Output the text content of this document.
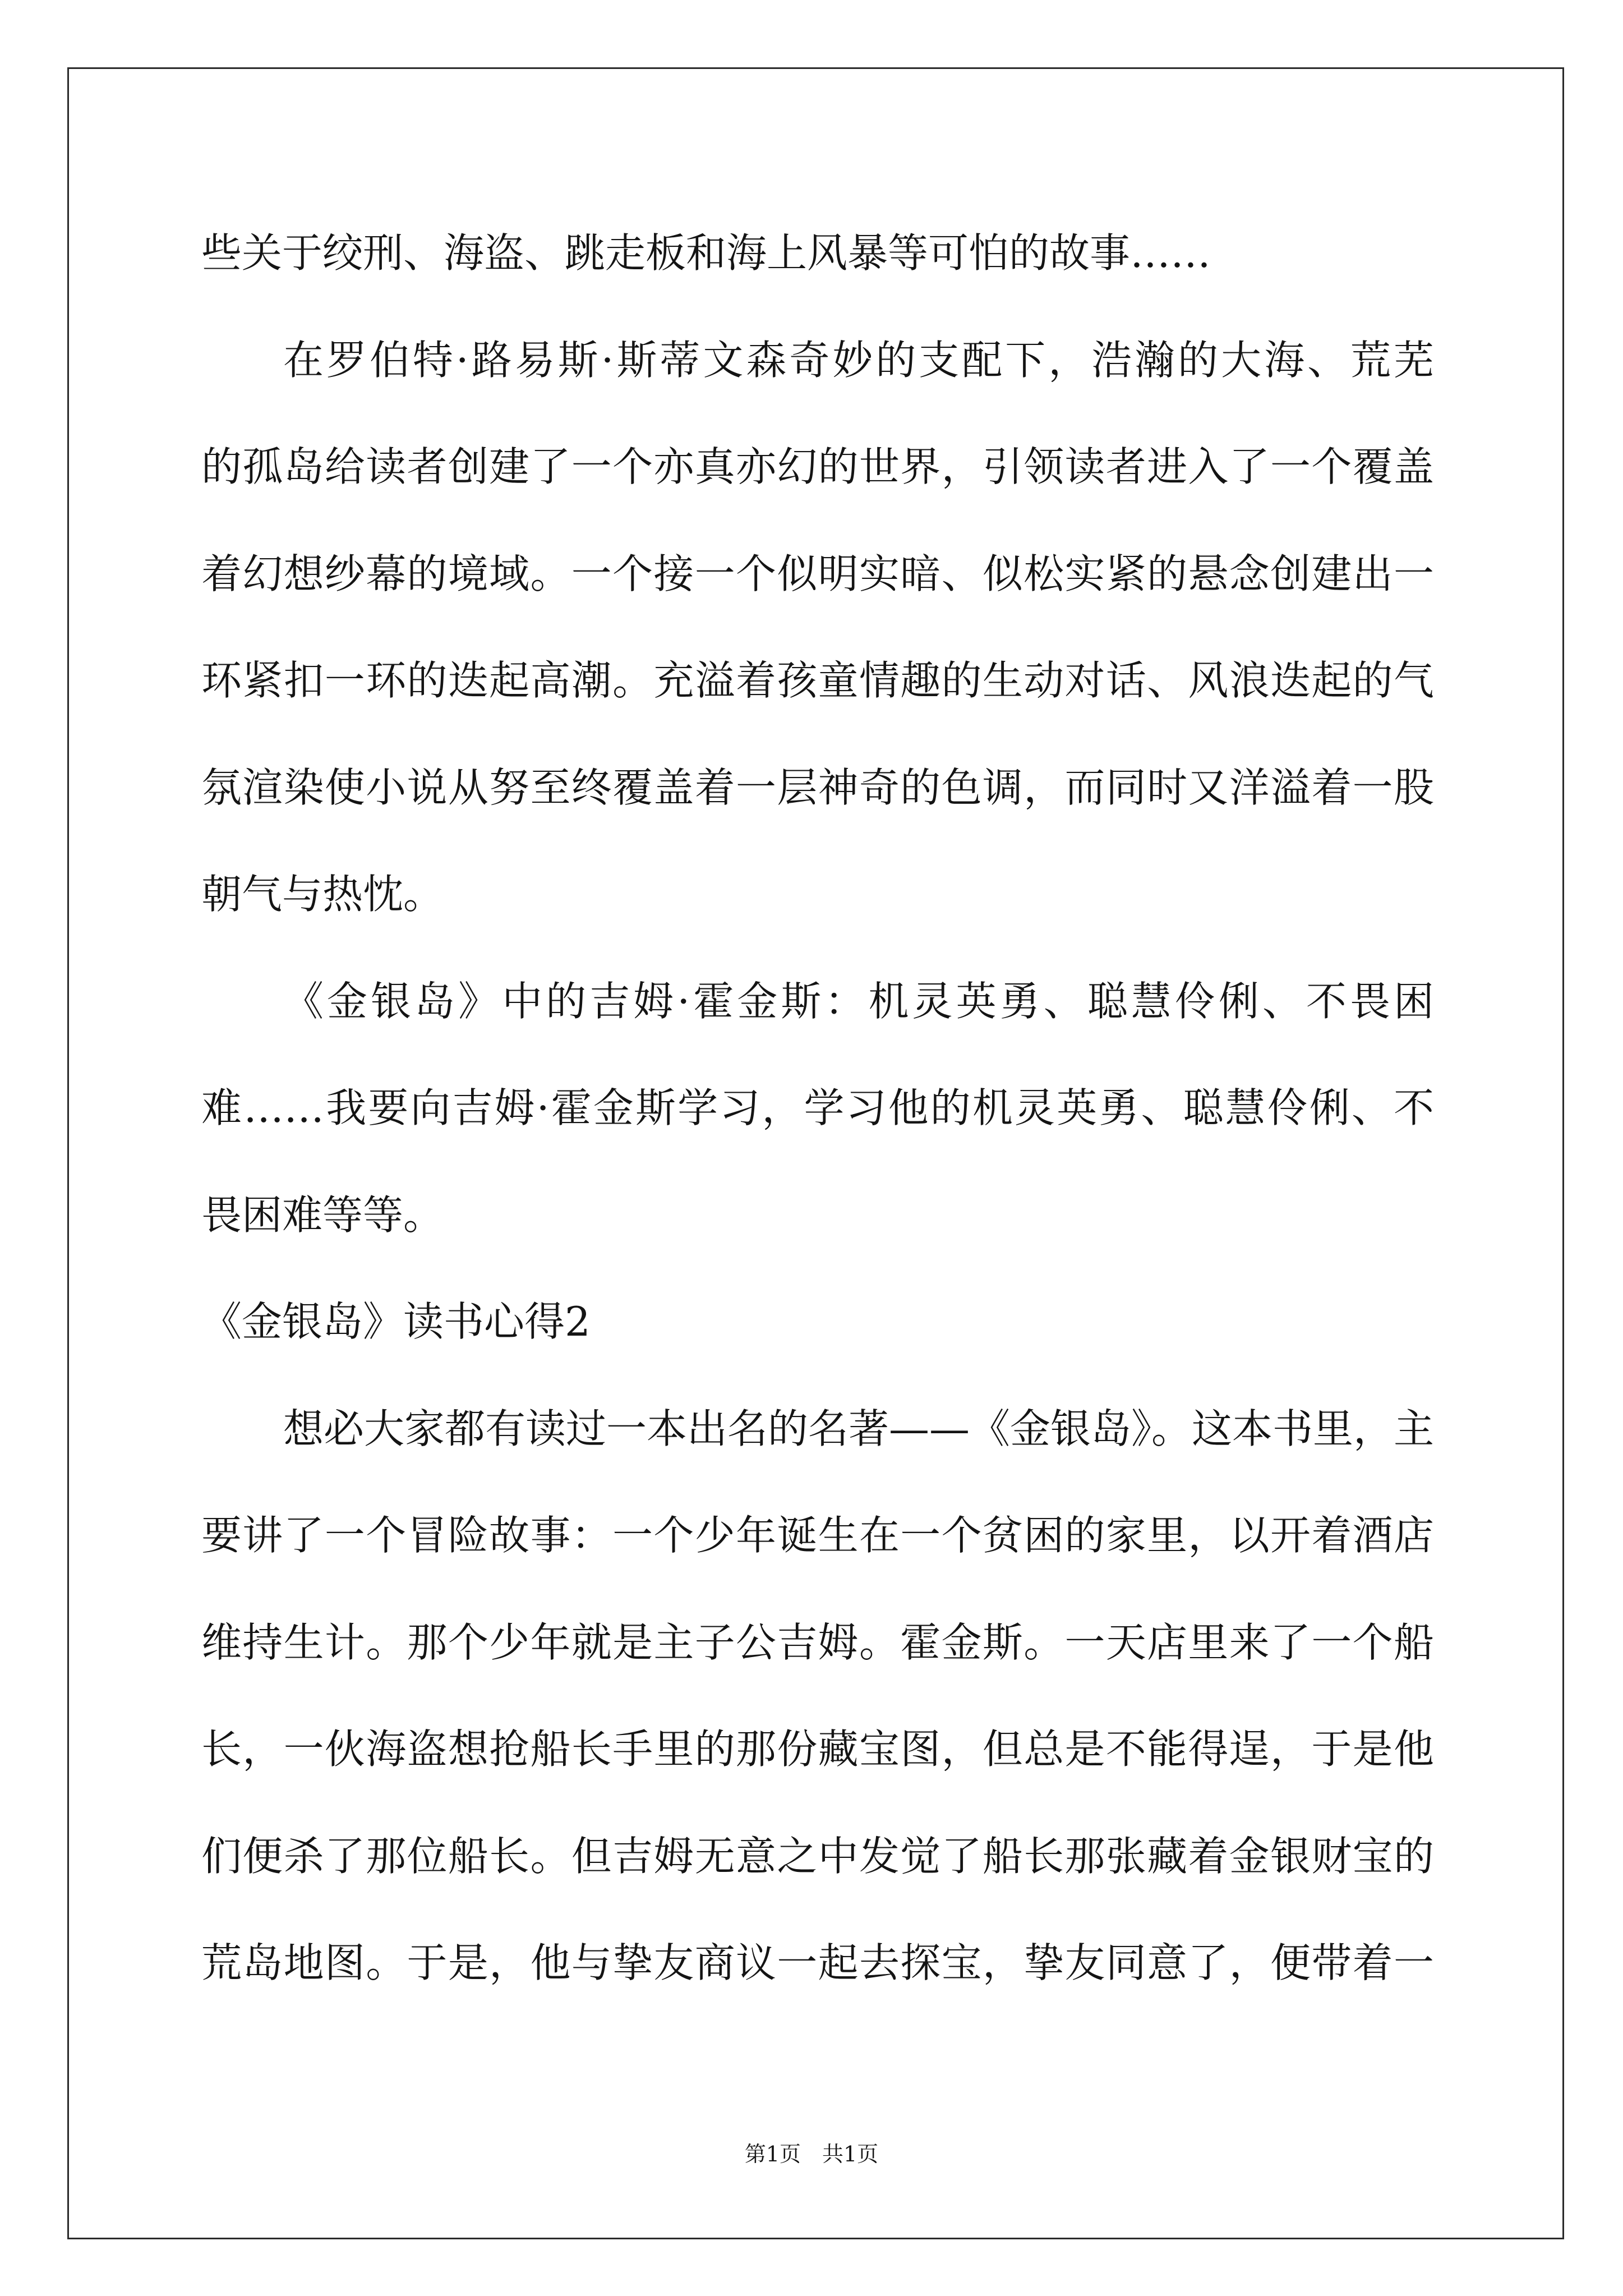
些关于绞刑、海盗、跳走板和海上风暴等可怕的故事……
在罗伯特·路易斯·斯蒂文森奇妙的支配下，浩瀚的大海、荒芜
的孤岛给读者创建了一个亦真亦幻的世界，引领读者进入了一个覆盖
着幻想纱幕的境域。一个接一个似明实暗、似松实紧的悬念创建出一
环紧扣一环的迭起高潮。充溢着孩童情趣的生动对话、风浪迭起的气
氛渲染使小说从努至终覆盖着一层神奇的色调，而同时又洋溢着一股
朝气与热忱。
《金银岛》中的吉姆·霍金斯：机灵英勇、聪慧伶俐、不畏困
难……我要向吉姆·霍金斯学习，学习他的机灵英勇、聪慧伶俐、不
畏困难等等。
《金银岛》读书心得2
想必大家都有读过一本出名的名著——《金银岛》。这本书里，主
要讲了一个冒险故事：一个少年诞生在一个贫困的家里，以开着酒店
维持生计。那个少年就是主子公吉姆。霍金斯。一天店里来了一个船
长，一伙海盗想抢船长手里的那份藏宝图，但总是不能得逞，于是他
们便杀了那位船长。但吉姆无意之中发觉了船长那张藏着金银财宝的
荒岛地图。于是，他与挚友商议一起去探宝，挚友同意了，便带着一
第1页　共1页
